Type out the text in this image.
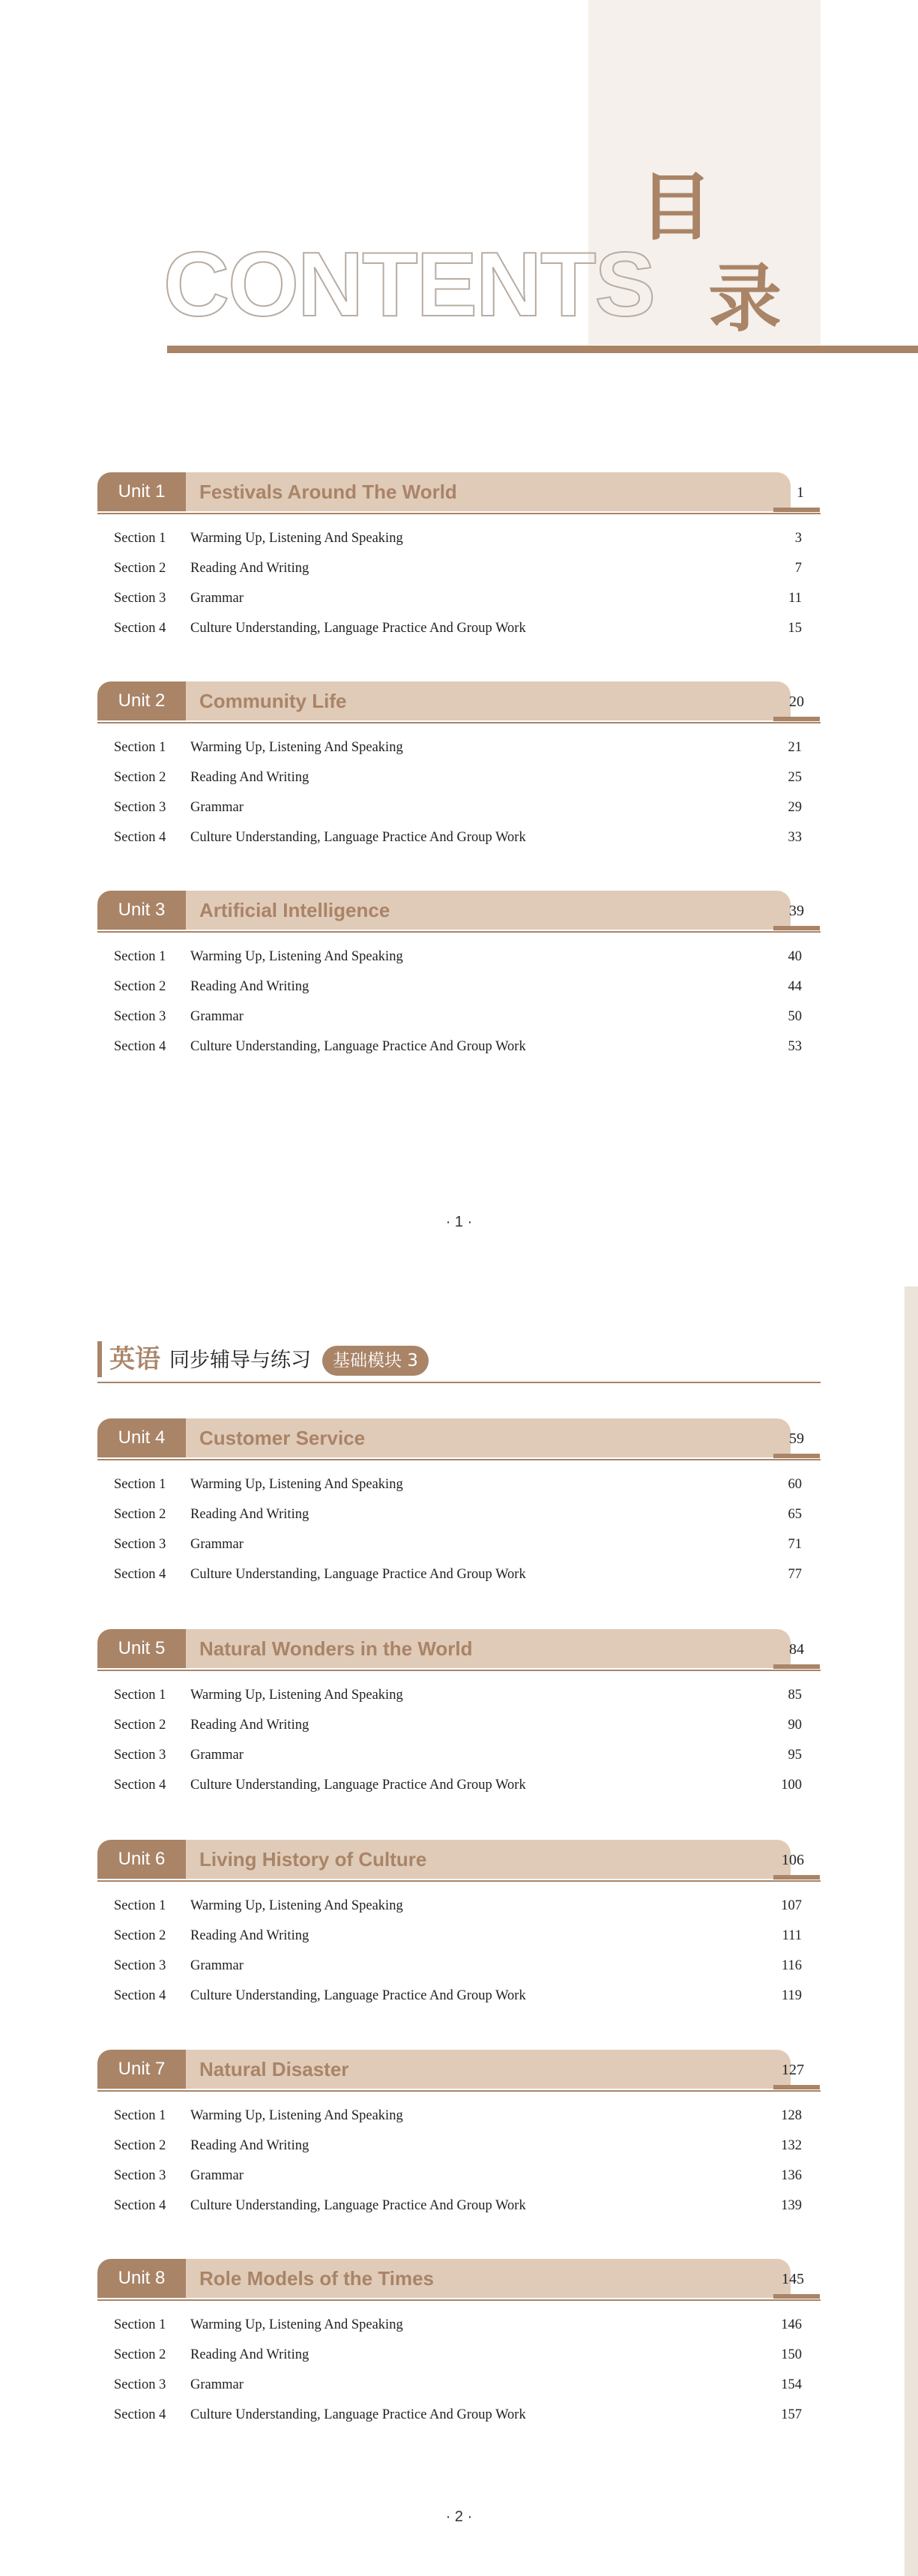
CONTENTS
目
录
Unit 1	Festivals Around The World	1
Section 1 Warming Up, Listening And Speaking	3
Section 2 Reading And Writing	7
Section 3 Grammar	11
Section 4 Culture Understanding, Language Practice And Group Work	15
Unit 2	Community Life	20
Section 1 Warming Up, Listening And Speaking	21
Section 2 Reading And Writing	25
Section 3 Grammar	29
Section 4 Culture Understanding, Language Practice And Group Work	33
Unit 3	Artificial Intelligence	39
Section 1 Warming Up, Listening And Speaking	40
Section 2 Reading And Writing	44
Section 3 Grammar	50
Section 4 Culture Understanding, Language Practice And Group Work	53
· 1 ·
英语 同步辅导与练习	基础模块 3
Unit 4	Customer Service	59
Section 1 Warming Up, Listening And Speaking	60
Section 2 Reading And Writing	65
Section 3 Grammar	71
Section 4 Culture Understanding, Language Practice And Group Work	77
Unit 5	Natural Wonders in the World	84
Section 1 Warming Up, Listening And Speaking	85
Section 2 Reading And Writing	90
Section 3 Grammar	95
Section 4 Culture Understanding, Language Practice And Group Work	100
Unit 6	Living History of Culture	106
Section 1 Warming Up, Listening And Speaking	107
Section 2 Reading And Writing	111
Section 3 Grammar	116
Section 4 Culture Understanding, Language Practice And Group Work	119
Unit 7	Natural Disaster	127
Section 1 Warming Up, Listening And Speaking	128
Section 2 Reading And Writing	132
Section 3 Grammar	136
Section 4 Culture Understanding, Language Practice And Group Work	139
Unit 8	Role Models of the Times	145
Section 1 Warming Up, Listening And Speaking	146
Section 2 Reading And Writing	150
Section 3 Grammar	154
Section 4 Culture Understanding, Language Practice And Group Work	157
· 2 ·
